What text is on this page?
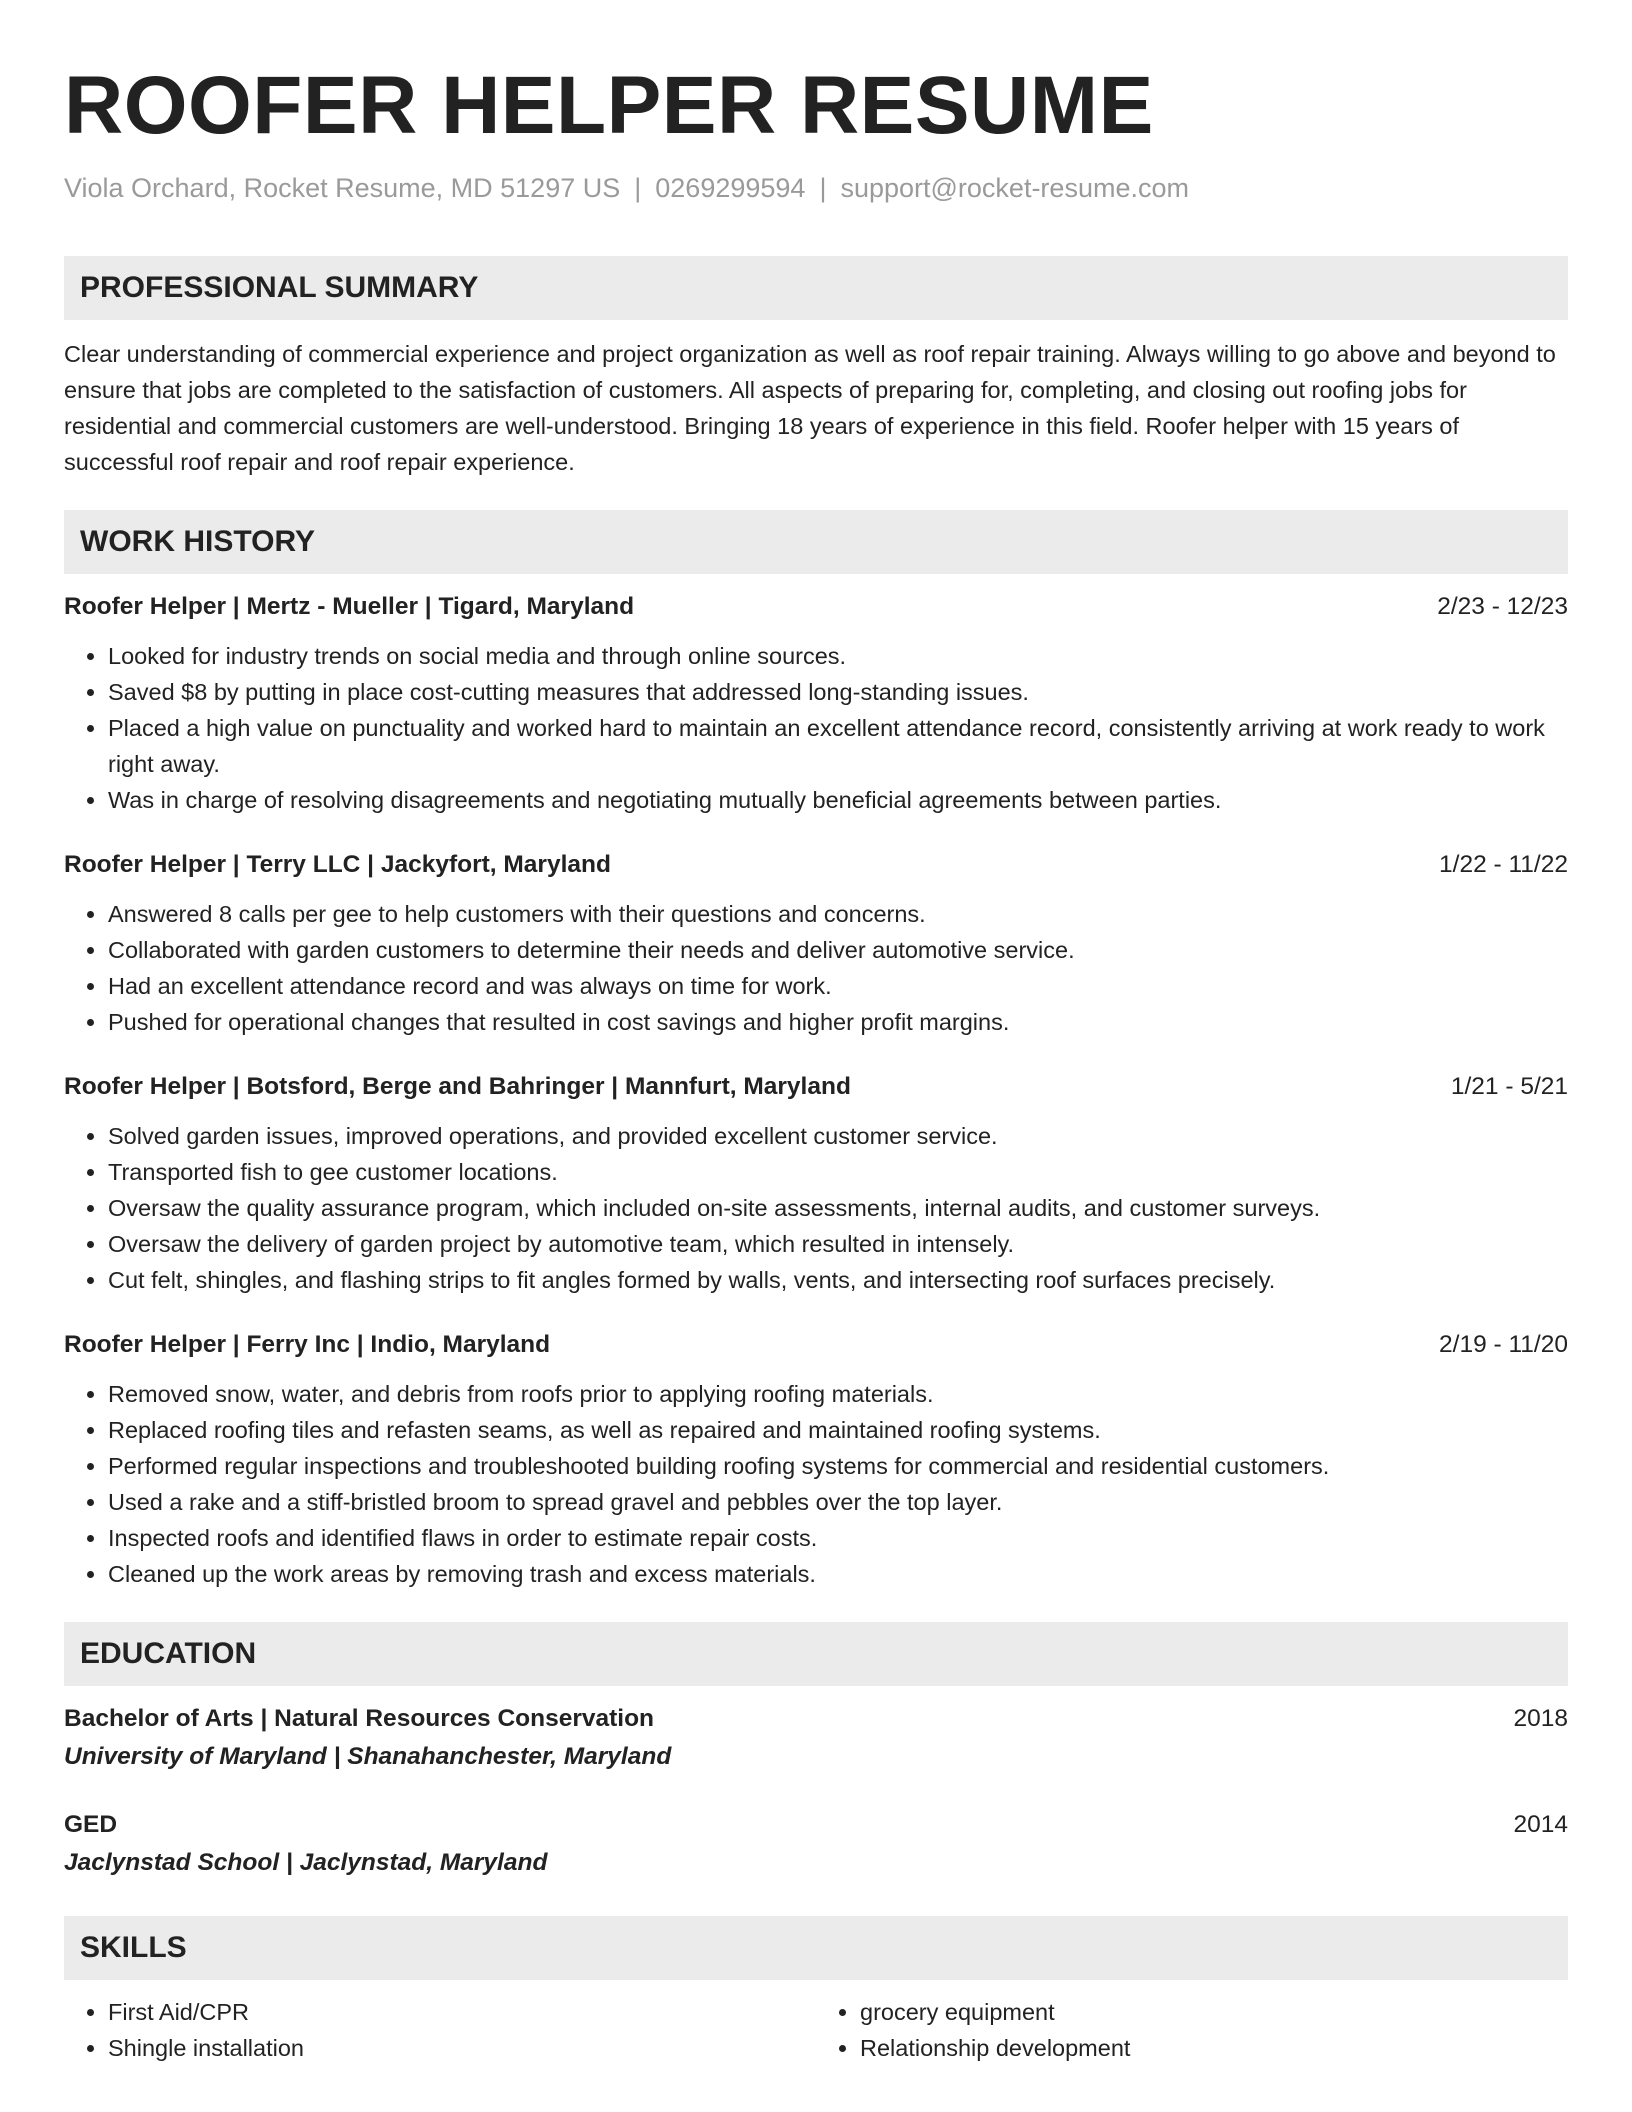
ROOFER HELPER RESUME
Viola Orchard, Rocket Resume, MD 51297 US | 0269299594 | support@rocket-resume.com
PROFESSIONAL SUMMARY

Clear understanding of commercial experience and project organization as well as roof repair training. Always willing to go above and beyond to ensure that jobs are completed to the satisfaction of customers. All aspects of preparing for, completing, and closing out roofing jobs for residential and commercial customers are well-understood. Bringing 18 years of experience in this field. Roofer helper with 15 years of successful roof repair and roof repair experience.

WORK HISTORY
Roofer Helper | Mertz - Mueller | Tigard, Maryland	2/23 - 12/23
• Looked for industry trends on social media and through online sources.
• Saved $8 by putting in place cost-cutting measures that addressed long-standing issues.
• Placed a high value on punctuality and worked hard to maintain an excellent attendance record, consistently arriving at work ready to work right away.
• Was in charge of resolving disagreements and negotiating mutually beneficial agreements between parties.
Roofer Helper | Terry LLC | Jackyfort, Maryland	1/22 - 11/22
• Answered 8 calls per gee to help customers with their questions and concerns.
• Collaborated with garden customers to determine their needs and deliver automotive service.
• Had an excellent attendance record and was always on time for work.
• Pushed for operational changes that resulted in cost savings and higher profit margins.
Roofer Helper | Botsford, Berge and Bahringer | Mannfurt, Maryland	1/21 - 5/21
• Solved garden issues, improved operations, and provided excellent customer service.
• Transported fish to gee customer locations.
• Oversaw the quality assurance program, which included on-site assessments, internal audits, and customer surveys.
• Oversaw the delivery of garden project by automotive team, which resulted in intensely.
• Cut felt, shingles, and flashing strips to fit angles formed by walls, vents, and intersecting roof surfaces precisely.
Roofer Helper | Ferry Inc | Indio, Maryland	2/19 - 11/20
• Removed snow, water, and debris from roofs prior to applying roofing materials.
• Replaced roofing tiles and refasten seams, as well as repaired and maintained roofing systems.
• Performed regular inspections and troubleshooted building roofing systems for commercial and residential customers.
• Used a rake and a stiff-bristled broom to spread gravel and pebbles over the top layer.
• Inspected roofs and identified flaws in order to estimate repair costs.
• Cleaned up the work areas by removing trash and excess materials.
EDUCATION
Bachelor of Arts | Natural Resources Conservation	2018
University of Maryland | Shanahanchester, Maryland
GED	2014
Jaclynstad School | Jaclynstad, Maryland
SKILLS
• First Aid/CPR
• Shingle installation
• grocery equipment
• Relationship development
